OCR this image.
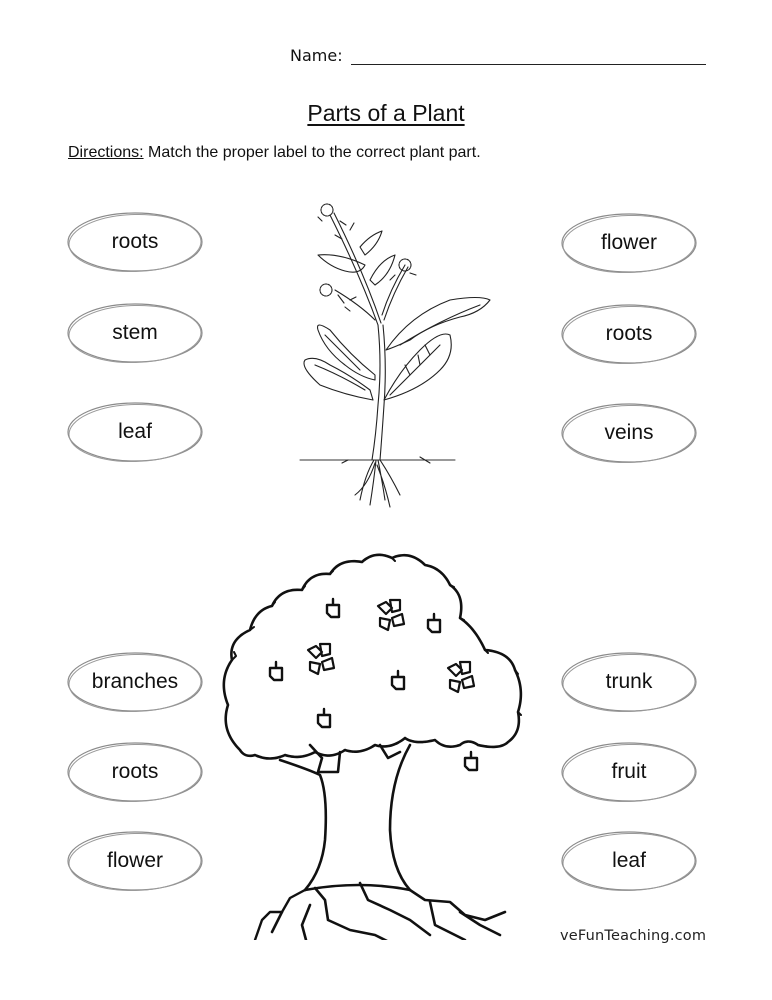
Name:
Parts of a Plant
Directions: Match the proper label to the correct plant part.
roots
stem
leaf
flower
roots
veins
branches
roots
flower
trunk
fruit
leaf
veFunTeaching.com
